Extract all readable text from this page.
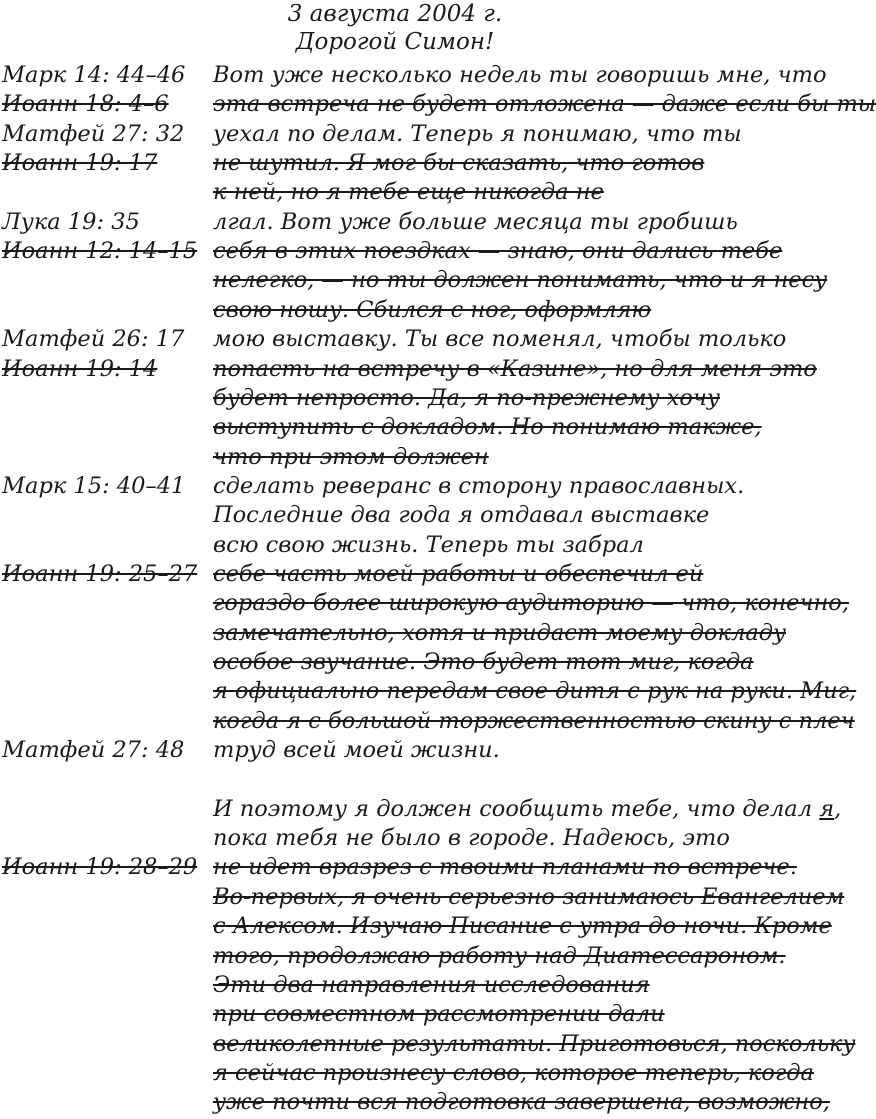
3 августа 2004 г.
Дорогой Симон!
Марк 14: 44–46 Вот уже несколько недель ты говоришь мне, что
Иоанн 18: 4–6 эта встреча не будет отложена — даже если бы ты
Матфей 27: 32 уехал по делам. Теперь я понимаю, что ты
Иоанн 19: 17 не шутил. Я мог бы сказать, что готов
к ней, но я тебе еще никогда не
Лука 19: 35	лгал. Вот уже больше месяца ты гробишь
Иоанн 12: 14–15 себя в этих поездках — знаю, они дались тебе
нелегко, — но ты должен понимать, что и я несу
свою ношу. Сбился с ног, оформляю
Матфей 26: 17 мою выставку. Ты все поменял, чтобы только
Иоанн 19: 14 попасть на встречу в «Казине», но для меня это
будет непросто. Да, я по-прежнему хочу
выступить с докладом. Но понимаю также,
что при этом должен
Марк 15: 40–41 сделать реверанс в сторону православных.
Последние два года я отдавал выставке
всю свою жизнь. Теперь ты забрал
Иоанн 19: 25–27 себе часть моей работы и обеспечил ей
гораздо более широкую аудиторию — что, конечно,
замечательно, хотя и придаст моему докладу
особое звучание. Это будет тот миг, когда
я официально передам свое дитя с рук на руки. Миг,
когда я с большой торжественностью скину с плеч
Матфей 27: 48 труд всей моей жизни.
И поэтому я должен сообщить тебе, что делал я,
пока тебя не было в городе. Надеюсь, это
Иоанн 19: 28–29 не идет вразрез с твоими планами по встрече.
Во-первых, я очень серьезно занимаюсь Евангелием
с Алексом. Изучаю Писание с утра до ночи. Кроме
того, продолжаю работу над Диатессароном.
Эти два направления исследования
при совместном рассмотрении дали
великолепные результаты. Приготовься, поскольку
я сейчас произнесу слово, которое теперь, когда
уже почти вся подготовка завершена, возможно,
